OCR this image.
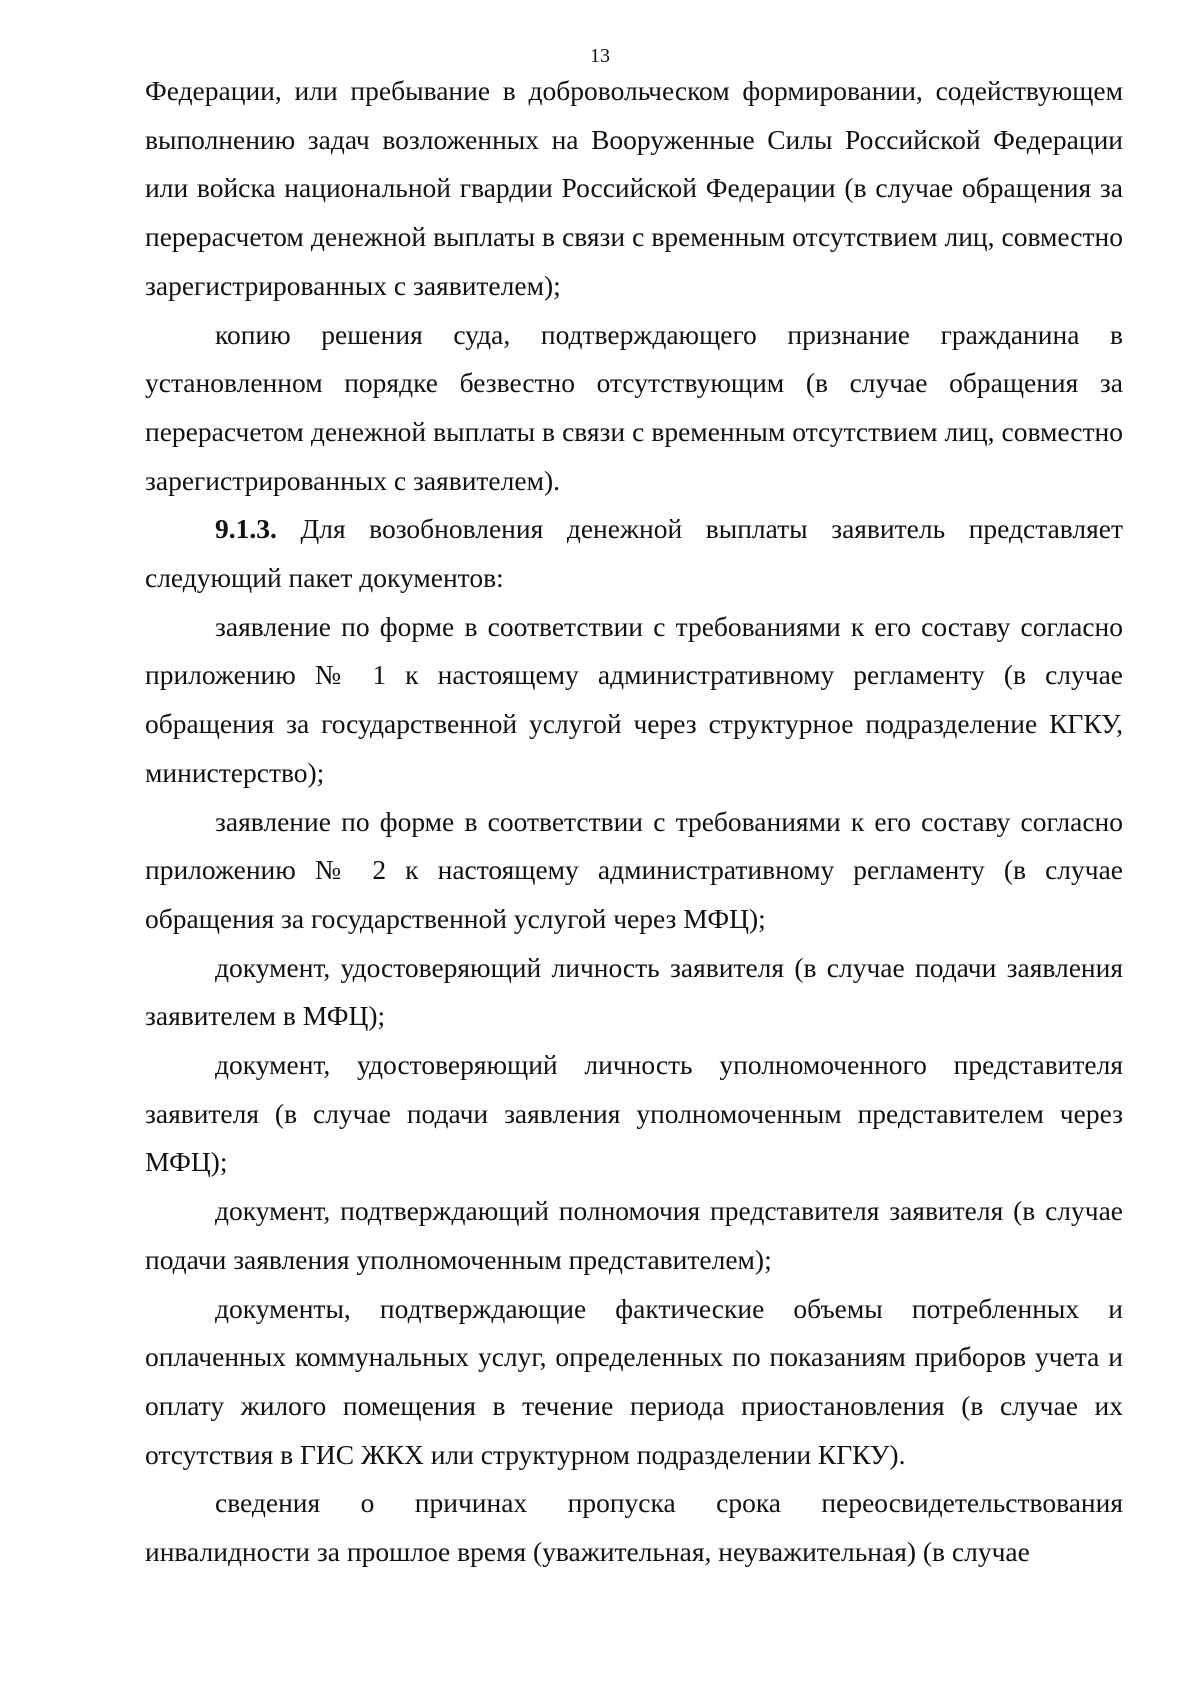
13

Федерации, или пребывание в добровольческом формировании, содействующем выполнению задач возложенных на Вооруженные Силы Российской Федерации или войска национальной гвардии Российской Федерации (в случае обращения за перерасчетом денежной выплаты в связи с временным отсутствием лиц, совместно зарегистрированных с заявителем);

копию решения суда, подтверждающего признание гражданина в установленном порядке безвестно отсутствующим (в случае обращения за перерасчетом денежной выплаты в связи с временным отсутствием лиц, совместно зарегистрированных с заявителем).

9.1.3. Для возобновления денежной выплаты заявитель представляет следующий пакет документов:

заявление по форме в соответствии с требованиями к его составу согласно приложению № 1 к настоящему административному регламенту (в случае обращения за государственной услугой через структурное подразделение КГКУ, министерство);

заявление по форме в соответствии с требованиями к его составу согласно приложению № 2 к настоящему административному регламенту (в случае обращения за государственной услугой через МФЦ);

документ, удостоверяющий личность заявителя (в случае подачи заявления заявителем в МФЦ);

документ, удостоверяющий личность уполномоченного представителя заявителя (в случае подачи заявления уполномоченным представителем через МФЦ);

документ, подтверждающий полномочия представителя заявителя (в случае подачи заявления уполномоченным представителем);

документы, подтверждающие фактические объемы потребленных и оплаченных коммунальных услуг, определенных по показаниям приборов учета и оплату жилого помещения в течение периода приостановления (в случае их отсутствия в ГИС ЖКХ или структурном подразделении КГКУ).

сведения о причинах пропуска срока переосвидетельствования инвалидности за прошлое время (уважительная, неуважительная) (в случае
